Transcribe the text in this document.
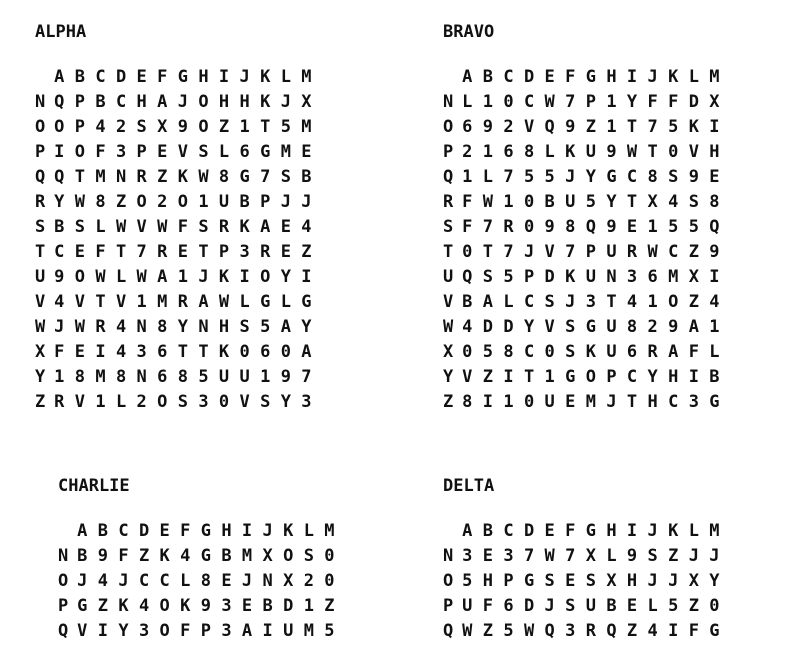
ALPHA
A B C D E F G H I J K L M
N Q P B C H A J O H H K J X
O O P 4 2 S X 9 O Z 1 T 5 M
P I O F 3 P E V S L 6 G M E
Q Q T M N R Z K W 8 G 7 S B
R Y W 8 Z O 2 O 1 U B P J J
S B S L W V W F S R K A E 4
T C E F T 7 R E T P 3 R E Z
U 9 O W L W A 1 J K I O Y I
V 4 V T V 1 M R A W L G L G
W J W R 4 N 8 Y N H S 5 A Y
X F E I 4 3 6 T T K 0 6 0 A
Y 1 8 M 8 N 6 8 5 U U 1 9 7
Z R V 1 L 2 O S 3 0 V S Y 3
BRAVO
A B C D E F G H I J K L M
N L 1 0 C W 7 P 1 Y F F D X
O 6 9 2 V Q 9 Z 1 T 7 5 K I
P 2 1 6 8 L K U 9 W T 0 V H
Q 1 L 7 5 5 J Y G C 8 S 9 E
R F W 1 0 B U 5 Y T X 4 S 8
S F 7 R 0 9 8 Q 9 E 1 5 5 Q
T 0 T 7 J V 7 P U R W C Z 9
U Q S 5 P D K U N 3 6 M X I
V B A L C S J 3 T 4 1 O Z 4
W 4 D D Y V S G U 8 2 9 A 1
X 0 5 8 C 0 S K U 6 R A F L
Y V Z I T 1 G O P C Y H I B
Z 8 I 1 0 U E M J T H C 3 G
CHARLIE
A B C D E F G H I J K L M
N B 9 F Z K 4 G B M X O S 0
O J 4 J C C L 8 E J N X 2 0
P G Z K 4 O K 9 3 E B D 1 Z
Q V I Y 3 O F P 3 A I U M 5
DELTA
A B C D E F G H I J K L M
N 3 E 3 7 W 7 X L 9 S Z J J
O 5 H P G S E S X H J J X Y
P U F 6 D J S U B E L 5 Z 0
Q W Z 5 W Q 3 R Q Z 4 I F G
